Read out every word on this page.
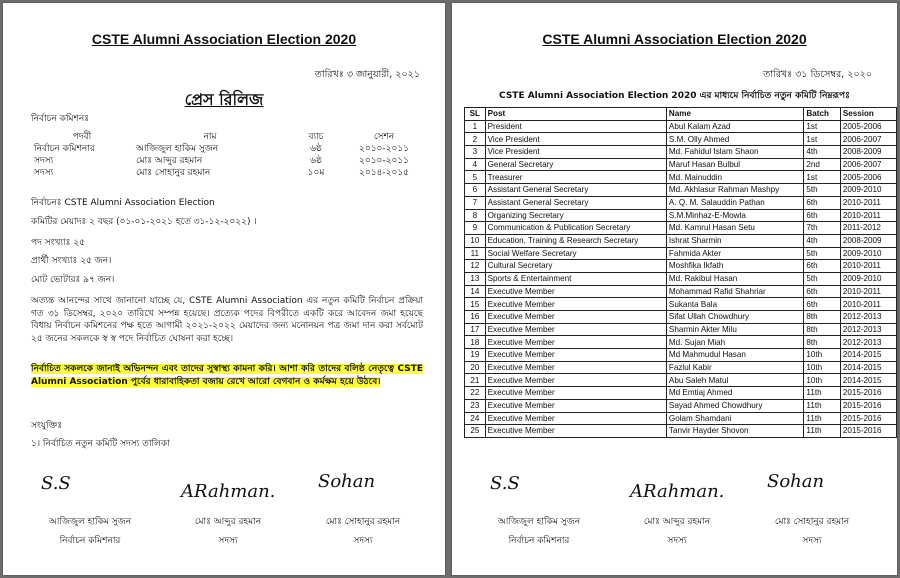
CSTE Alumni Association Election 2020
তারিখঃ ৩ জানুয়ারী, ২০২১
প্রেস রিলিজ
নির্বাচন কমিশনঃ
পদবী	নাম	ব্যাচ	সেশন
নির্বাচন কমিশনার	আজিজুল হাকিম সুজন	৬ষ্ঠ	২০১০-২০১১
সদস্য	মোঃ আব্দুর রহমান	৬ষ্ঠ	২০১০-২০১১
সদস্য	মোঃ সোহানুর রহমান	১০ম	২০১৪-২০১৫
নির্বাচনঃ CSTE Alumni Association Election
কমিটির মেয়াদঃ ২ বছর (০১-০১-২০২১ হতে ৩১-১২-২০২২) ।
পদ সংখ্যাঃ ২৫
প্রার্থী সংখ্যাঃ ২৫ জন।
মোট ভোটারঃ ৯৭ জন।
অত্যন্ত আনন্দের সাথে জানানো যাচ্ছে যে, CSTE Alumni Association এর নতুন কমিটি নির্বাচন প্রক্রিয়া গত ৩১ ডিসেম্বর, ২০২০ তারিখে সম্পন্ন হয়েছে। প্রত্যেক পদের বিপরীতে একটি করে আবেদন জমা হয়েছে বিধায় নির্বাচন কমিশনের পক্ষ হতে আগামী ২০২১-২০২২ মেয়াদের জন্য মনোনয়ন পত্র জমা দান করা সর্বমোট ২৫ জনের সকলকে স্ব স্ব পদে নির্বাচিত ঘোষনা করা হচ্ছে।
নির্বাচিত সকলকে জানাই অভিনন্দন এবং তাদের সুস্বাস্থ্য কামনা করি। আশা করি তাদের বলিষ্ঠ নেতৃত্বে CSTE Alumni Association পুর্বের ধারাবাহিকতা বজায় রেখে আরো বেগবান ও কর্মক্ষম হয়ে উঠবে।
সংযুক্তিঃ
১। নির্বাচিত নতুন কমিটি সদস্য তালিকা
S.S	ARahman. Sohan
আজিজুল হাকিম সুজন
নির্বাচন কমিশনার
মোঃ আব্দুর রহমান
সদস্য
মোঃ সোহানুর রহমান
সদস্য
CSTE Alumni Association Election 2020
তারিখঃ ৩১ ডিসেম্বর, ২০২০
CSTE Alumni Association Election 2020 এর মাধ্যমে নির্বাচিত নতুন কমিটি নিম্নরূপঃ
SL	Post	Name	Batch	Session
1	President	Abul Kalam Azad	1st	2005-2006
2	Vice President	S.M. Olly Ahmed	1st	2006-2007
3	Vice President	Md. Fahidul Islam Shaon	4th	2008-2009
4	General Secretary	Maruf Hasan Bulbul	2nd	2006-2007
5	Treasurer	Md. Mainuddin	1st	2005-2006
6	Assistant General Secretary	Md. Akhlasur Rahman Mashpy	5th	2009-2010
7	Assistant General Secretary	A. Q. M. Salauddin Pathan	6th	2010-2011
8	Organizing Secretary	S.M.Minhaz-E-Mowla	6th	2010-2011
9	Communication & Publication Secretary	Md. Kamrul Hasan Setu	7th	2011-2012
10	Education, Training & Research Secretary	Ishrat Sharmin	4th	2008-2009
11	Social Welfare Secretary	Fahmida Akter	5th	2009-2010
12	Cultural Secretary	Moshfika Ikfath	6th	2010-2011
13	Sports & Entertainment	Md. Rakibul Hasan	5th	2009-2010
14	Executive Member	Mohammad Rafid Shahriar	6th	2010-2011
15	Executive Member	Sukanta Bala	6th	2010-2011
16	Executive Member	Sifat Ullah Chowdhury	8th	2012-2013
17	Executive Member	Sharmin Akter Milu	8th	2012-2013
18	Executive Member	Md. Sujan Miah	8th	2012-2013
19	Executive Member	Md Mahmudul Hasan	10th	2014-2015
20	Executive Member	Fazlul Kabir	10th	2014-2015
21	Executive Member	Abu Saleh Matul	10th	2014-2015
22	Executive Member	Md Emtiaj Ahmed	11th	2015-2016
23	Executive Member	Sayad Ahmed Chowdhury	11th	2015-2016
24	Executive Member	Golam Shamdani	11th	2015-2016
25	Executive Member	Tanvir Hayder Shovon	11th	2015-2016
S.S	ARahman. Sohan
আজিজুল হাকিম সুজন
নির্বাচন কমিশনার
মোঃ আব্দুর রহমান
সদস্য
মোঃ সোহানুর রহমান
সদস্য
